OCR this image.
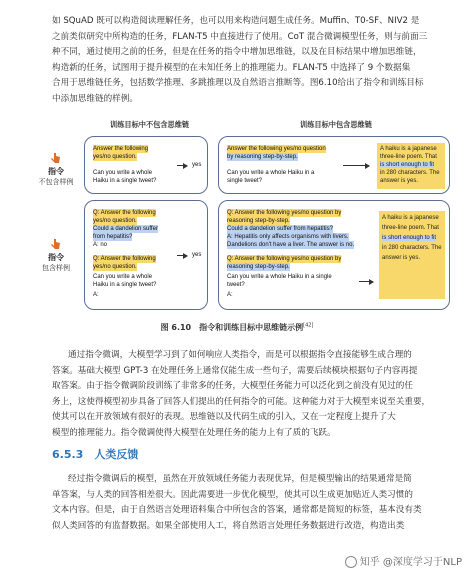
如 SQuAD 既可以构造阅读理解任务，也可以用来构造问题生成任务。Muffin、T0-SF、NIV2 是
之前类似研究中所构造的任务，FLAN-T5 中直接进行了使用。CoT 混合微调模型任务，则与前面三
种不同，通过使用之前的任务，但是在任务的指令中增加思维链，以及在目标结果中增加思维链，
构造新的任务，试图用于提升模型的在未知任务上的推理能力。FLAN-T5 中选择了 9 个数据集
合用于思维链任务，包括数学推理、多跳推理以及自然语言推断等。图6.10给出了指令和训练目标
中添加思维链的样例。
训练目标中不包含思维链	训练目标中包含思维链
指令
不包含样例
Answer the following
yes/no question.
Can you write a whole
Haiku in a single tweet?
yes
Answer the following yes/no question
by reasoning step-by-step.
Can you write a whole Haiku in a
single tweet?
A haiku is a japanese
three-line poem. That
is short enough to fit
in 280 characters. The
answer is yes.
指令
包含样例
Q: Answer the following
yes/no question.
Could a dandelion suffer
from hepatitis?
A: no
Q: Answer the following
yes/no question.
Can you write a whole
Haiku in a single tweet?
A:
yes
Q: Answer the following yes/no question by
reasoning step-by-step.
Could a dandelion suffer from hepatitis?
A: Hepatitis only affects organisms with livers.
Dandelions don't have a liver. The answer is no.
Q: Answer the following yes/no question by
reasoning step-by-step.
Can you write a whole Haiku in a single
tweet?
A:
A haiku is a japanese
three-line poem. That
is short enough to fit
in 280 characters. The
answer is yes.
图 6.10　指令和训练目标中思维链示例[42]
通过指令微调，大模型学习到了如何响应人类指令，而是可以根据指令直接能够生成合理的
答案。基础大模型 GPT-3 在处理任务上通常仅能生成一些句子，需要后续模块根据句子内容再提
取答案。由于指令微调阶段训练了非常多的任务，大模型任务能力可以泛化到之前没有见过的任
务上，这使得模型初步具备了回答人们提出的任何指令的可能。这种能力对于大模型来说至关重要，
使其可以在开放领域有很好的表现。思维链以及代码生成的引入，又在一定程度上提升了大
模型的推理能力。指令微调使得大模型在处理任务的能力上有了质的飞跃。
6.5.3　人类反馈
经过指令微调后的模型，虽然在开放领域任务能力表现优异，但是模型输出的结果通常是简
单答案，与人类的回答相差很大。因此需要进一步优化模型，使其可以生成更加贴近人类习惯的
文本内容。但是，由于自然语言处理语料集合中所包含的答案，通常都是简短的标签，基本没有类
似人类回答的有监督数据。如果全部使用人工，将自然语言处理任务数据进行改造，构造出类
知乎 @深度学习于NLP
